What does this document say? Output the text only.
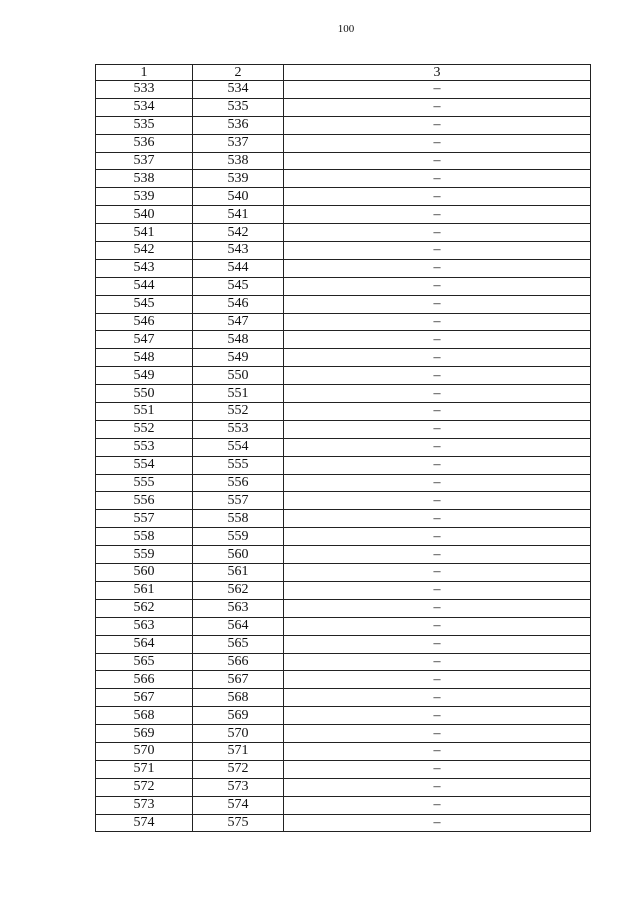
100
1	2	3
533	534	–
534	535	–
535	536	–
536	537	–
537	538	–
538	539	–
539	540	–
540	541	–
541	542	–
542	543	–
543	544	–
544	545	–
545	546	–
546	547	–
547	548	–
548	549	–
549	550	–
550	551	–
551	552	–
552	553	–
553	554	–
554	555	–
555	556	–
556	557	–
557	558	–
558	559	–
559	560	–
560	561	–
561	562	–
562	563	–
563	564	–
564	565	–
565	566	–
566	567	–
567	568	–
568	569	–
569	570	–
570	571	–
571	572	–
572	573	–
573	574	–
574	575	–
